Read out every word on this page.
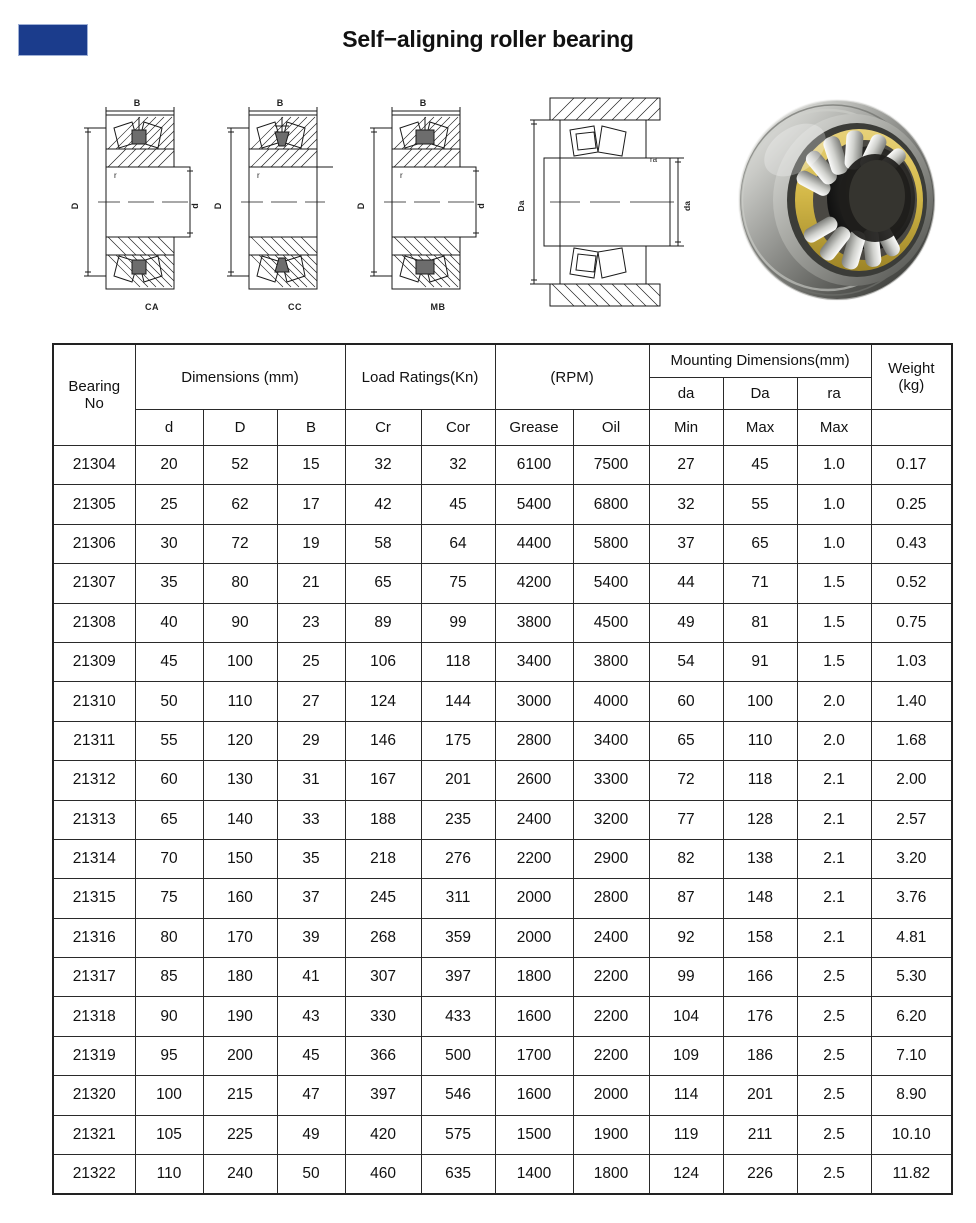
Self−aligning roller bearing
B
D	d
r
CA
B
D
r
CC
B
D	d
r
MB
Da	da
ra
Bearing
No	Dimensions (mm)			Load Ratings(Kn)		(RPM)		Mounting Dimensions(mm)			Weight
(kg)
								da	Da	ra	
	d	D	B	Cr	Cor	Grease	Oil	Min	Max	Max	
21304	20	52	15	32	32	6100	7500	27	45	1.0	0.17
21305	25	62	17	42	45	5400	6800	32	55	1.0	0.25
21306	30	72	19	58	64	4400	5800	37	65	1.0	0.43
21307	35	80	21	65	75	4200	5400	44	71	1.5	0.52
21308	40	90	23	89	99	3800	4500	49	81	1.5	0.75
21309	45	100	25	106	118	3400	3800	54	91	1.5	1.03
21310	50	110	27	124	144	3000	4000	60	100	2.0	1.40
21311	55	120	29	146	175	2800	3400	65	110	2.0	1.68
21312	60	130	31	167	201	2600	3300	72	118	2.1	2.00
21313	65	140	33	188	235	2400	3200	77	128	2.1	2.57
21314	70	150	35	218	276	2200	2900	82	138	2.1	3.20
21315	75	160	37	245	311	2000	2800	87	148	2.1	3.76
21316	80	170	39	268	359	2000	2400	92	158	2.1	4.81
21317	85	180	41	307	397	1800	2200	99	166	2.5	5.30
21318	90	190	43	330	433	1600	2200	104	176	2.5	6.20
21319	95	200	45	366	500	1700	2200	109	186	2.5	7.10
21320	100	215	47	397	546	1600	2000	114	201	2.5	8.90
21321	105	225	49	420	575	1500	1900	119	211	2.5	10.10
21322	110	240	50	460	635	1400	1800	124	226	2.5	11.82
